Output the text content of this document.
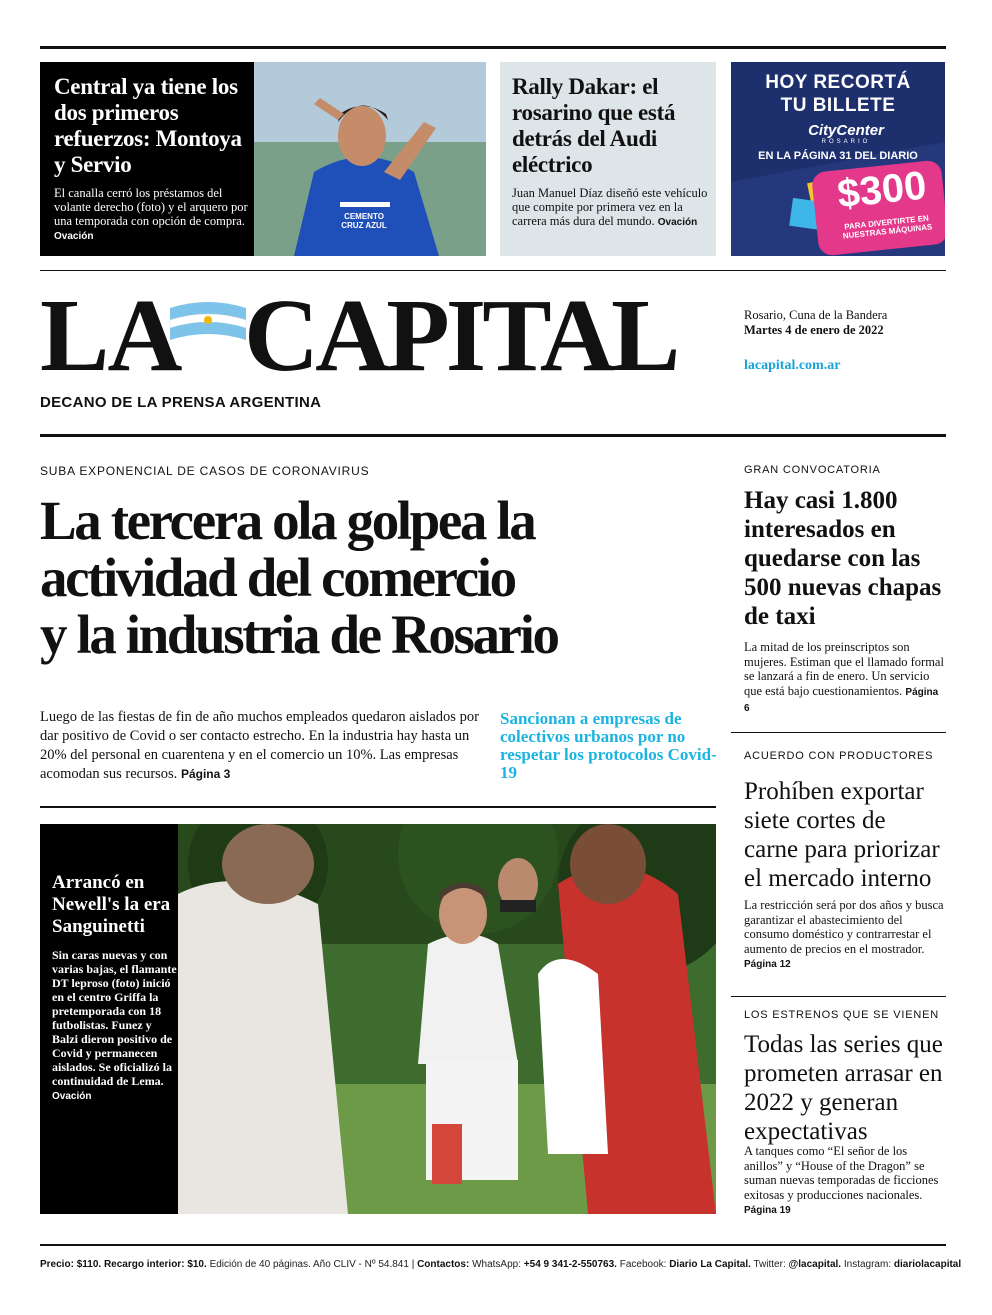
Central ya tiene los dos primeros refuerzos: Montoya y Servio
El canalla cerró los préstamos del volante derecho (foto) y el arquero por una temporada con opción de compra. Ovación
CEMENTO CRUZ AZUL
Rally Dakar: el rosarino que está detrás del Audi eléctrico
Juan Manuel Díaz diseñó este vehículo que compite por primera vez en la carrera más dura del mundo. Ovación
HOY RECORTÁ
TU BILLETE
CityCenter
ROSARIO
EN LA PÁGINA 31 DEL DIARIO
$300
PARA DIVERTIRTE EN NUESTRAS MÁQUINAS
LA CAPITAL
DECANO DE LA PRENSA ARGENTINA
Rosario, Cuna de la Bandera
Martes 4 de enero de 2022
lacapital.com.ar
SUBA EXPONENCIAL DE CASOS DE CORONAVIRUS
La tercera ola golpea la
actividad del comercio
y la industria de Rosario
Luego de las fiestas de fin de año muchos empleados quedaron aislados por dar positivo de Covid o ser contacto estrecho. En la industria hay hasta un 20% del personal en cuarentena y en el comercio un 10%. Las empresas acomodan sus recursos. Página 3
Sancionan a empresas de colectivos urbanos por no respetar los protocolos Covid-19
Arrancó en Newell's la era Sanguinetti
Sin caras nuevas y con varias bajas, el flamante DT leproso (foto) inició en el centro Griffa la pretemporada con 18 futbolistas. Funez y Balzi dieron positivo de Covid y permanecen aislados. Se oficializó la continuidad de Lema. Ovación
GRAN CONVOCATORIA
Hay casi 1.800 interesados en quedarse con las 500 nuevas chapas de taxi
La mitad de los preinscriptos son mujeres. Estiman que el llamado formal se lanzará a fin de enero. Un servicio que está bajo cuestionamientos. Página 6
ACUERDO CON PRODUCTORES
Prohíben exportar siete cortes de carne para priorizar el mercado interno
La restricción será por dos años y busca garantizar el abastecimiento del consumo doméstico y contrarrestar el aumento de precios en el mostrador. Página 12
LOS ESTRENOS QUE SE VIENEN
Todas las series que prometen arrasar en 2022 y generan expectativas
A tanques como “El señor de los anillos” y “House of the Dragon” se suman nuevas temporadas de ficciones exitosas y producciones nacionales. Página 19
Precio: $110. Recargo interior: $10. Edición de 40 páginas. Año CLIV - Nº 54.841 | Contactos: WhatsApp: +54 9 341-2-550763. Facebook: Diario La Capital. Twitter: @lacapital. Instagram: diariolacapital
